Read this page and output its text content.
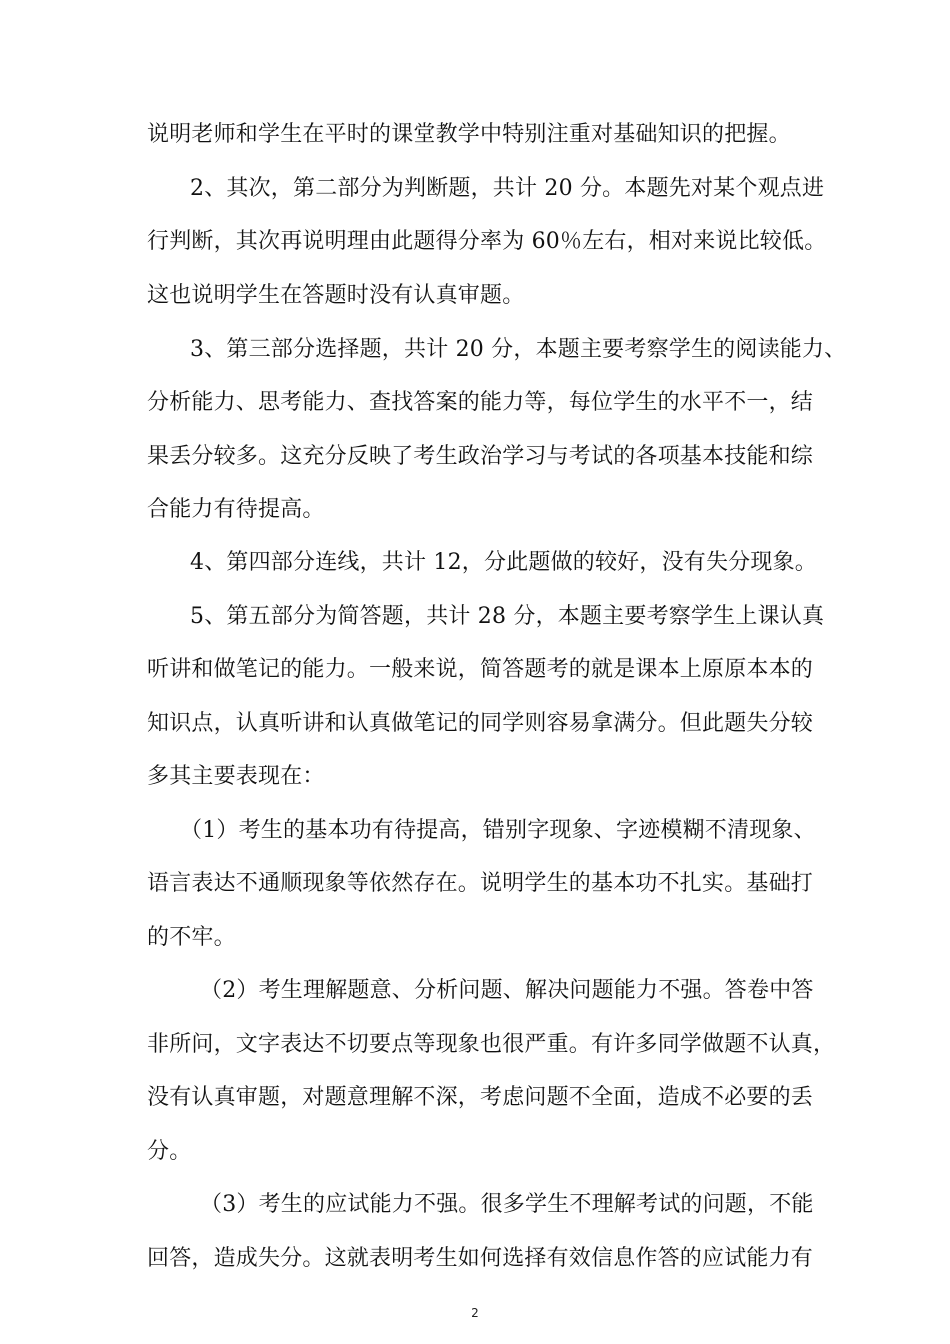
说明老师和学生在平时的课堂教学中特别注重对基础知识的把握。
2、其次，第二部分为判断题，共计 20 分。本题先对某个观点进
行判断，其次再说明理由此题得分率为 60％左右，相对来说比较低。
这也说明学生在答题时没有认真审题。
3、第三部分选择题，共计 20 分，本题主要考察学生的阅读能力、
分析能力、思考能力、查找答案的能力等，每位学生的水平不一，结
果丢分较多。这充分反映了考生政治学习与考试的各项基本技能和综
合能力有待提高。
4、第四部分连线，共计 12，分此题做的较好，没有失分现象。
5、第五部分为简答题，共计 28 分，本题主要考察学生上课认真
听讲和做笔记的能力。一般来说，简答题考的就是课本上原原本本的
知识点，认真听讲和认真做笔记的同学则容易拿满分。但此题失分较
多其主要表现在：
（1）考生的基本功有待提高，错别字现象、字迹模糊不清现象、
语言表达不通顺现象等依然存在。说明学生的基本功不扎实。基础打
的不牢。
（2）考生理解题意、分析问题、解决问题能力不强。答卷中答
非所问，文字表达不切要点等现象也很严重。有许多同学做题不认真，
没有认真审题，对题意理解不深，考虑问题不全面，造成不必要的丢
分。
（3）考生的应试能力不强。很多学生不理解考试的问题，不能
回答，造成失分。这就表明考生如何选择有效信息作答的应试能力有
2
